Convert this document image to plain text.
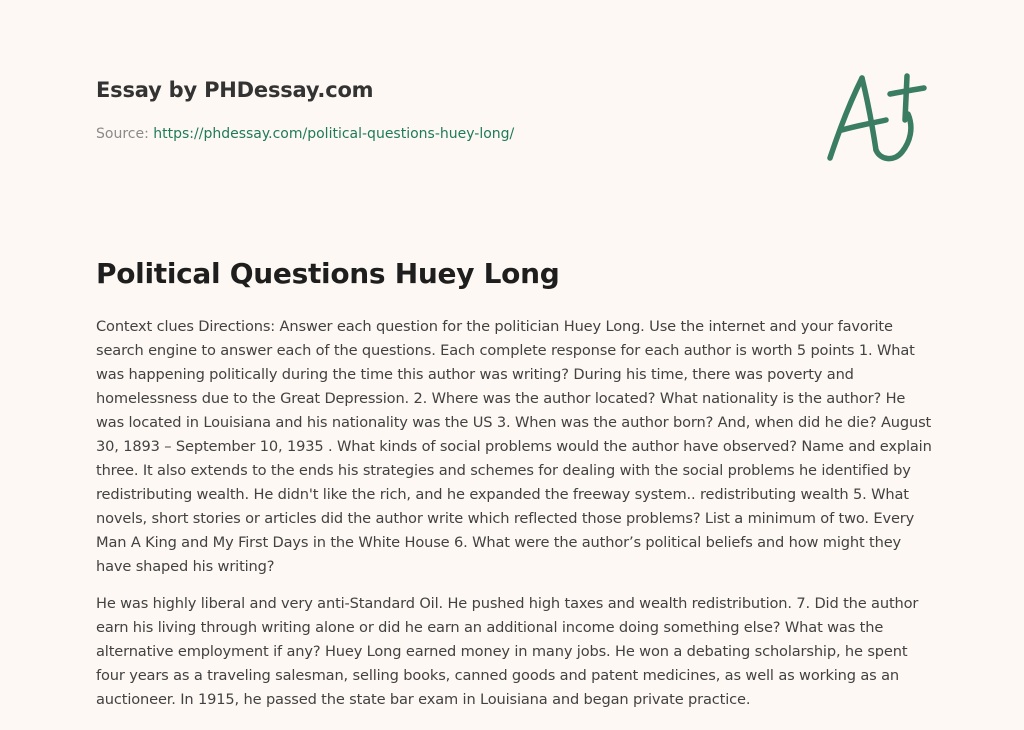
Essay by PHDessay.com
Source: https://phdessay.com/political-questions-huey-long/
Political Questions Huey Long

Context clues Directions: Answer each question for the politician Huey Long. Use the internet and your favorite search engine to answer each of the questions. Each complete response for each author is worth 5 points 1. What was happening politically during the time this author was writing? During his time, there was poverty and homelessness due to the Great Depression. 2. Where was the author located? What nationality is the author? He was located in Louisiana and his nationality was the US 3. When was the author born? And, when did he die? August 30, 1893 – September 10, 1935 . What kinds of social problems would the author have observed? Name and explain three. It also extends to the ends his strategies and schemes for dealing with the social problems he identified by redistributing wealth. He didn't like the rich, and he expanded the freeway system.. redistributing wealth 5. What novels, short stories or articles did the author write which reflected those problems? List a minimum of two. Every Man A King and My First Days in the White House 6. What were the author’s political beliefs and how might they have shaped his writing?

He was highly liberal and very anti-Standard Oil. He pushed high taxes and wealth redistribution. 7. Did the author earn his living through writing alone or did he earn an additional income doing something else? What was the alternative employment if any? Huey Long earned money in many jobs. He won a debating scholarship, he spent four years as a traveling salesman, selling books, canned goods and patent medicines, as well as working as an auctioneer. In 1915, he passed the state bar exam in Louisiana and began private practice.
